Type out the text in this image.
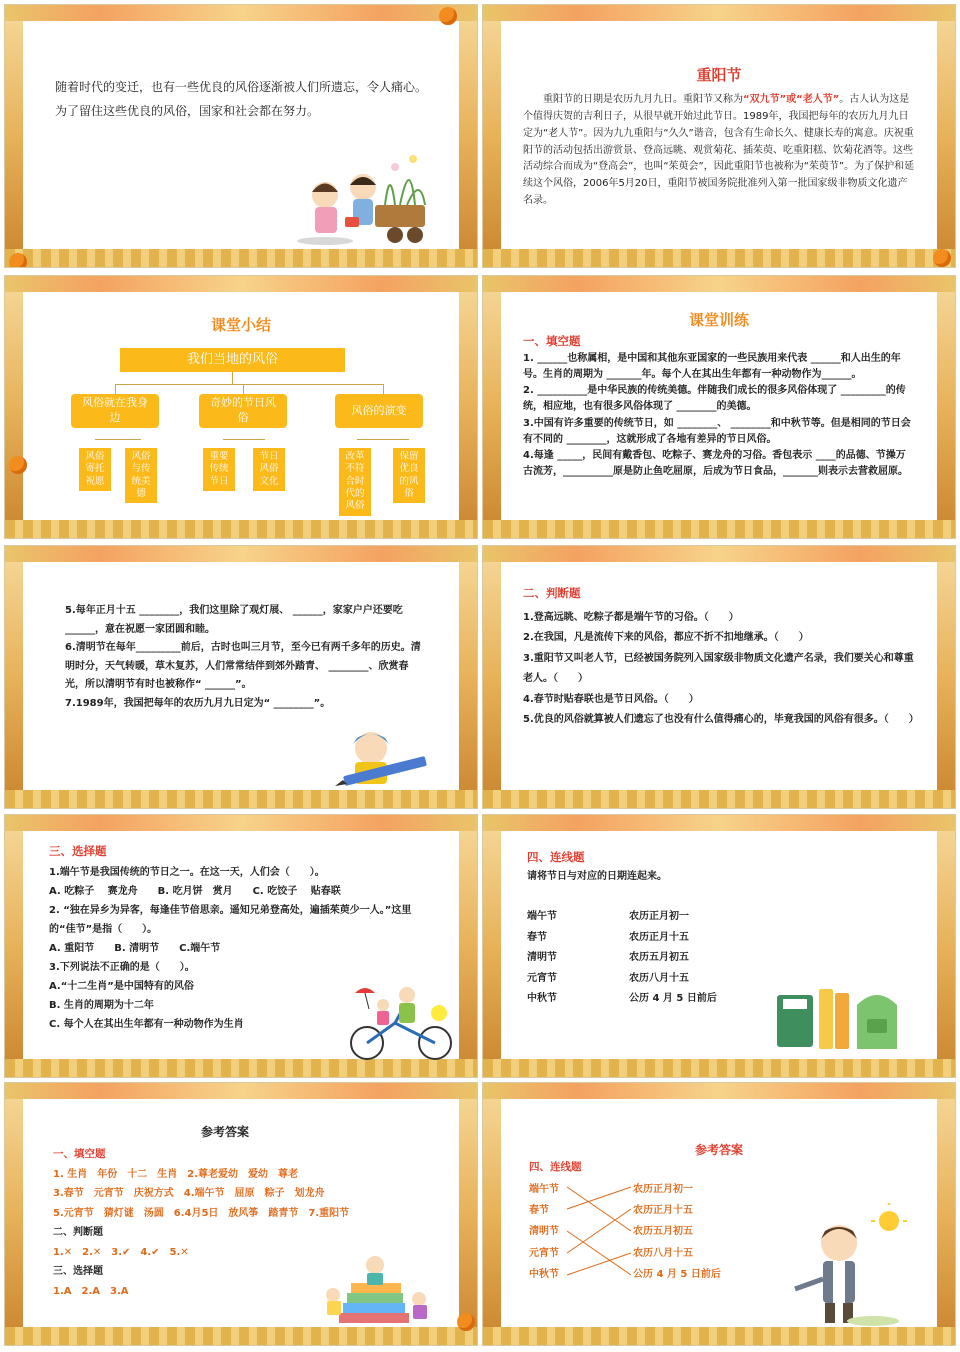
随着时代的变迁，也有一些优良的风俗逐渐被人们所遗忘，令人痛心。为了留住这些优良的风俗，国家和社会都在努力。
重阳节

重阳节的日期是农历九月九日。重阳节又称为“双九节”或“老人节”。古人认为这是个值得庆贺的吉利日子，从很早就开始过此节日。1989年，我国把每年的农历九月九日定为“老人节”。因为九九重阳与“久久”谐音，包含有生命长久、健康长寿的寓意。庆祝重阳节的活动包括出游赏景、登高远眺、观赏菊花、插茱萸、吃重阳糕、饮菊花酒等。这些活动综合而成为“登高会”，也叫“茱萸会”，因此重阳节也被称为“茱萸节”。为了保护和延续这个风俗，2006年5月20日，重阳节被国务院批准列入第一批国家级非物质文化遗产名录。

课堂小结
我们当地的风俗
风俗就在我身边
奇妙的节日风俗
风俗的演变
风俗寄托祝愿
风俗与传统美德
重要传统节日
节日风俗文化
改革不符合时代的风俗
保留优良的风俗
课堂训练
一、填空题

1. ______也称属相，是中国和其他东亚国家的一些民族用来代表 ______和人出生的年号。生肖的周期为 _______年。每个人在其出生年都有一种动物作为______。

2. __________是中华民族的传统美德。伴随我们成长的很多风俗体现了 _________的传统，相应地，也有很多风俗体现了 ________的美德。

3.中国有许多重要的传统节日，如 ________、 ________和中秋节等。但是相同的节日会有不同的 ________，这就形成了各地有差异的节日风俗。

4.每逢 _____，民间有戴香包、吃粽子、赛龙舟的习俗。香包表示 ____的品德、节操万古流芳，__________原是防止鱼吃屈原，后成为节日食品，_______则表示去营救屈原。

5.每年正月十五 ________，我们这里除了观灯展、 ______，家家户户还要吃 ______，意在祝愿一家团圆和睦。

6.清明节在每年_________前后，古时也叫三月节，至今已有两千多年的历史。清明时分，天气转暖，草木复苏，人们常常结伴到郊外踏青、 ________、欣赏春光，所以清明节有时也被称作“ ______”。

7.1989年，我国把每年的农历九月九日定为“ ________”。

二、判断题

1.登高远眺、吃粽子都是端午节的习俗。（　　）

2.在我国，凡是流传下来的风俗，都应不折不扣地继承。（　　）

3.重阳节又叫老人节，已经被国务院列入国家级非物质文化遗产名录，我们要关心和尊重老人。（　　）

4.春节时贴春联也是节日风俗。（　　）

5.优良的风俗就算被人们遗忘了也没有什么值得痛心的，毕竟我国的风俗有很多。（　　）

三、选择题

1.端午节是我国传统的节日之一。在这一天，人们会（　　）。

A. 吃粽子　 赛龙舟　　B. 吃月饼　赏月　　C. 吃饺子　 贴春联

2. “独在异乡为异客，每逢佳节倍思亲。遥知兄弟登高处，遍插茱萸少一人。”这里的“佳节”是指（　　）。

A. 重阳节　　B. 清明节　　C.端午节

3.下列说法不正确的是（　　）。

A.“十二生肖”是中国特有的风俗

B. 生肖的周期为十二年

C. 每个人在其出生年都有一种动物作为生肖

四、连线题
请将节日与对应的日期连起来。
端午节
春节
清明节
元宵节
中秋节
农历正月初一
农历正月十五
农历五月初五
农历八月十五
公历 4 月 5 日前后
参考答案
一、填空题

1. 生肖　年份　十二　生肖　2.尊老爱幼　爱幼　尊老

3.春节　元宵节　庆祝方式　4.端午节　屈原　粽子　划龙舟

5.元宵节　猜灯谜　汤圆　6.4月5日　放风筝　踏青节　7.重阳节

二、判断题

1.✕　2.✕　3.✔　4.✔　5.✕

三、选择题

1.A　2.A　3.A

参考答案
四、连线题
端午节
春节
清明节
元宵节
中秋节
农历正月初一
农历正月十五
农历五月初五
农历八月十五
公历 4 月 5 日前后
